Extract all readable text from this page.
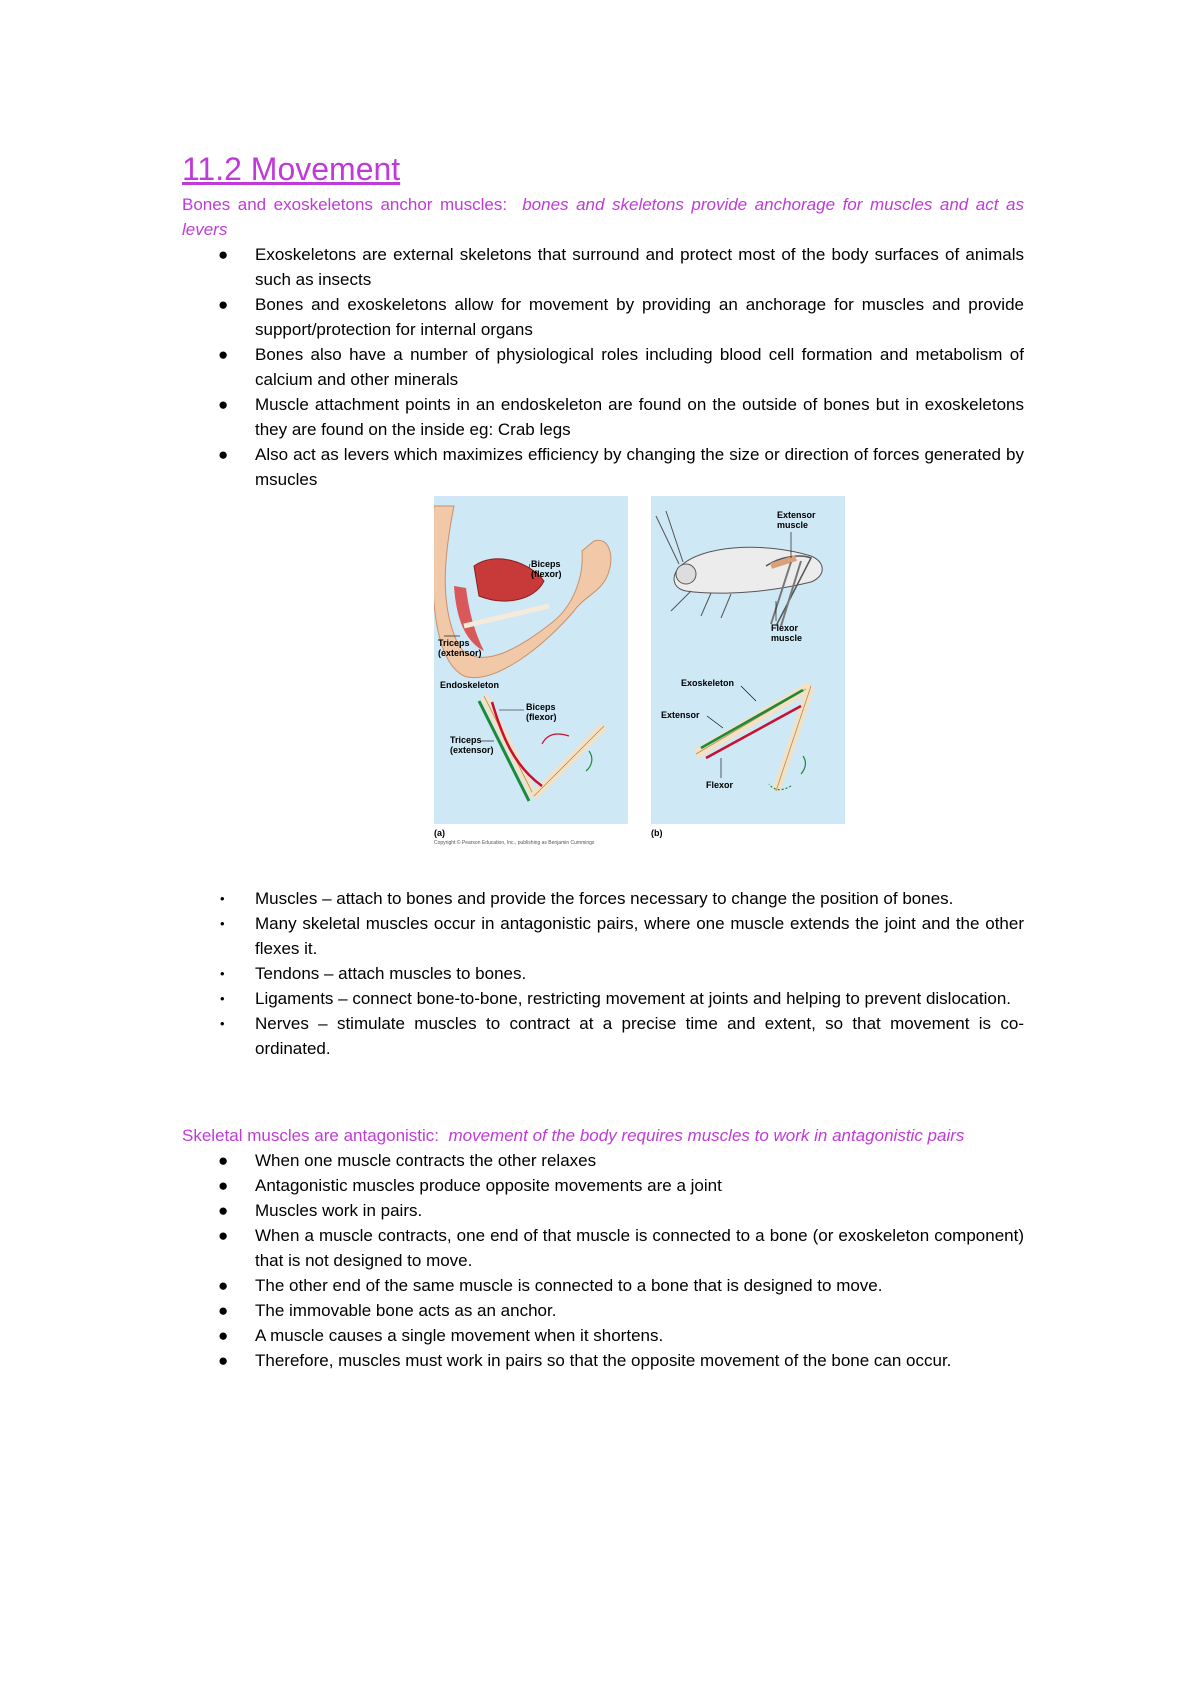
11.2 Movement

Bones and exoskeletons anchor muscles: bones and skeletons provide anchorage for muscles and act as levers

● Exoskeletons are external skeletons that surround and protect most of the body surfaces of animals such as insects
● Bones and exoskeletons allow for movement by providing an anchorage for muscles and provide support/protection for internal organs
● Bones also have a number of physiological roles including blood cell formation and metabolism of calcium and other minerals
● Muscle attachment points in an endoskeleton are found on the outside of bones but in exoskeletons they are found on the inside eg: Crab legs
● Also act as levers which maximizes efficiency by changing the size or direction of forces generated by msucles
Biceps
(flexor)
Triceps
(extensor)
Endoskeleton
Biceps
(flexor)
Triceps
(extensor)
Extensor
muscle
Flexor
muscle
Exoskeleton
Extensor
Flexor
(a)	(b)
Copyright © Pearson Education, Inc., publishing as Benjamin Cummings
• Muscles – attach to bones and provide the forces necessary to change the position of bones.
• Many skeletal muscles occur in antagonistic pairs, where one muscle extends the joint and the other flexes it.
• Tendons – attach muscles to bones.
• Ligaments – connect bone-to-bone, restricting movement at joints and helping to prevent dislocation.
• Nerves – stimulate muscles to contract at a precise time and extent, so that movement is co-ordinated.

Skeletal muscles are antagonistic: movement of the body requires muscles to work in antagonistic pairs

● When one muscle contracts the other relaxes
● Antagonistic muscles produce opposite movements are a joint
● Muscles work in pairs.
● When a muscle contracts, one end of that muscle is connected to a bone (or exoskeleton component) that is not designed to move.
● The other end of the same muscle is connected to a bone that is designed to move.
● The immovable bone acts as an anchor.
● A muscle causes a single movement when it shortens.
● Therefore, muscles must work in pairs so that the opposite movement of the bone can occur.
